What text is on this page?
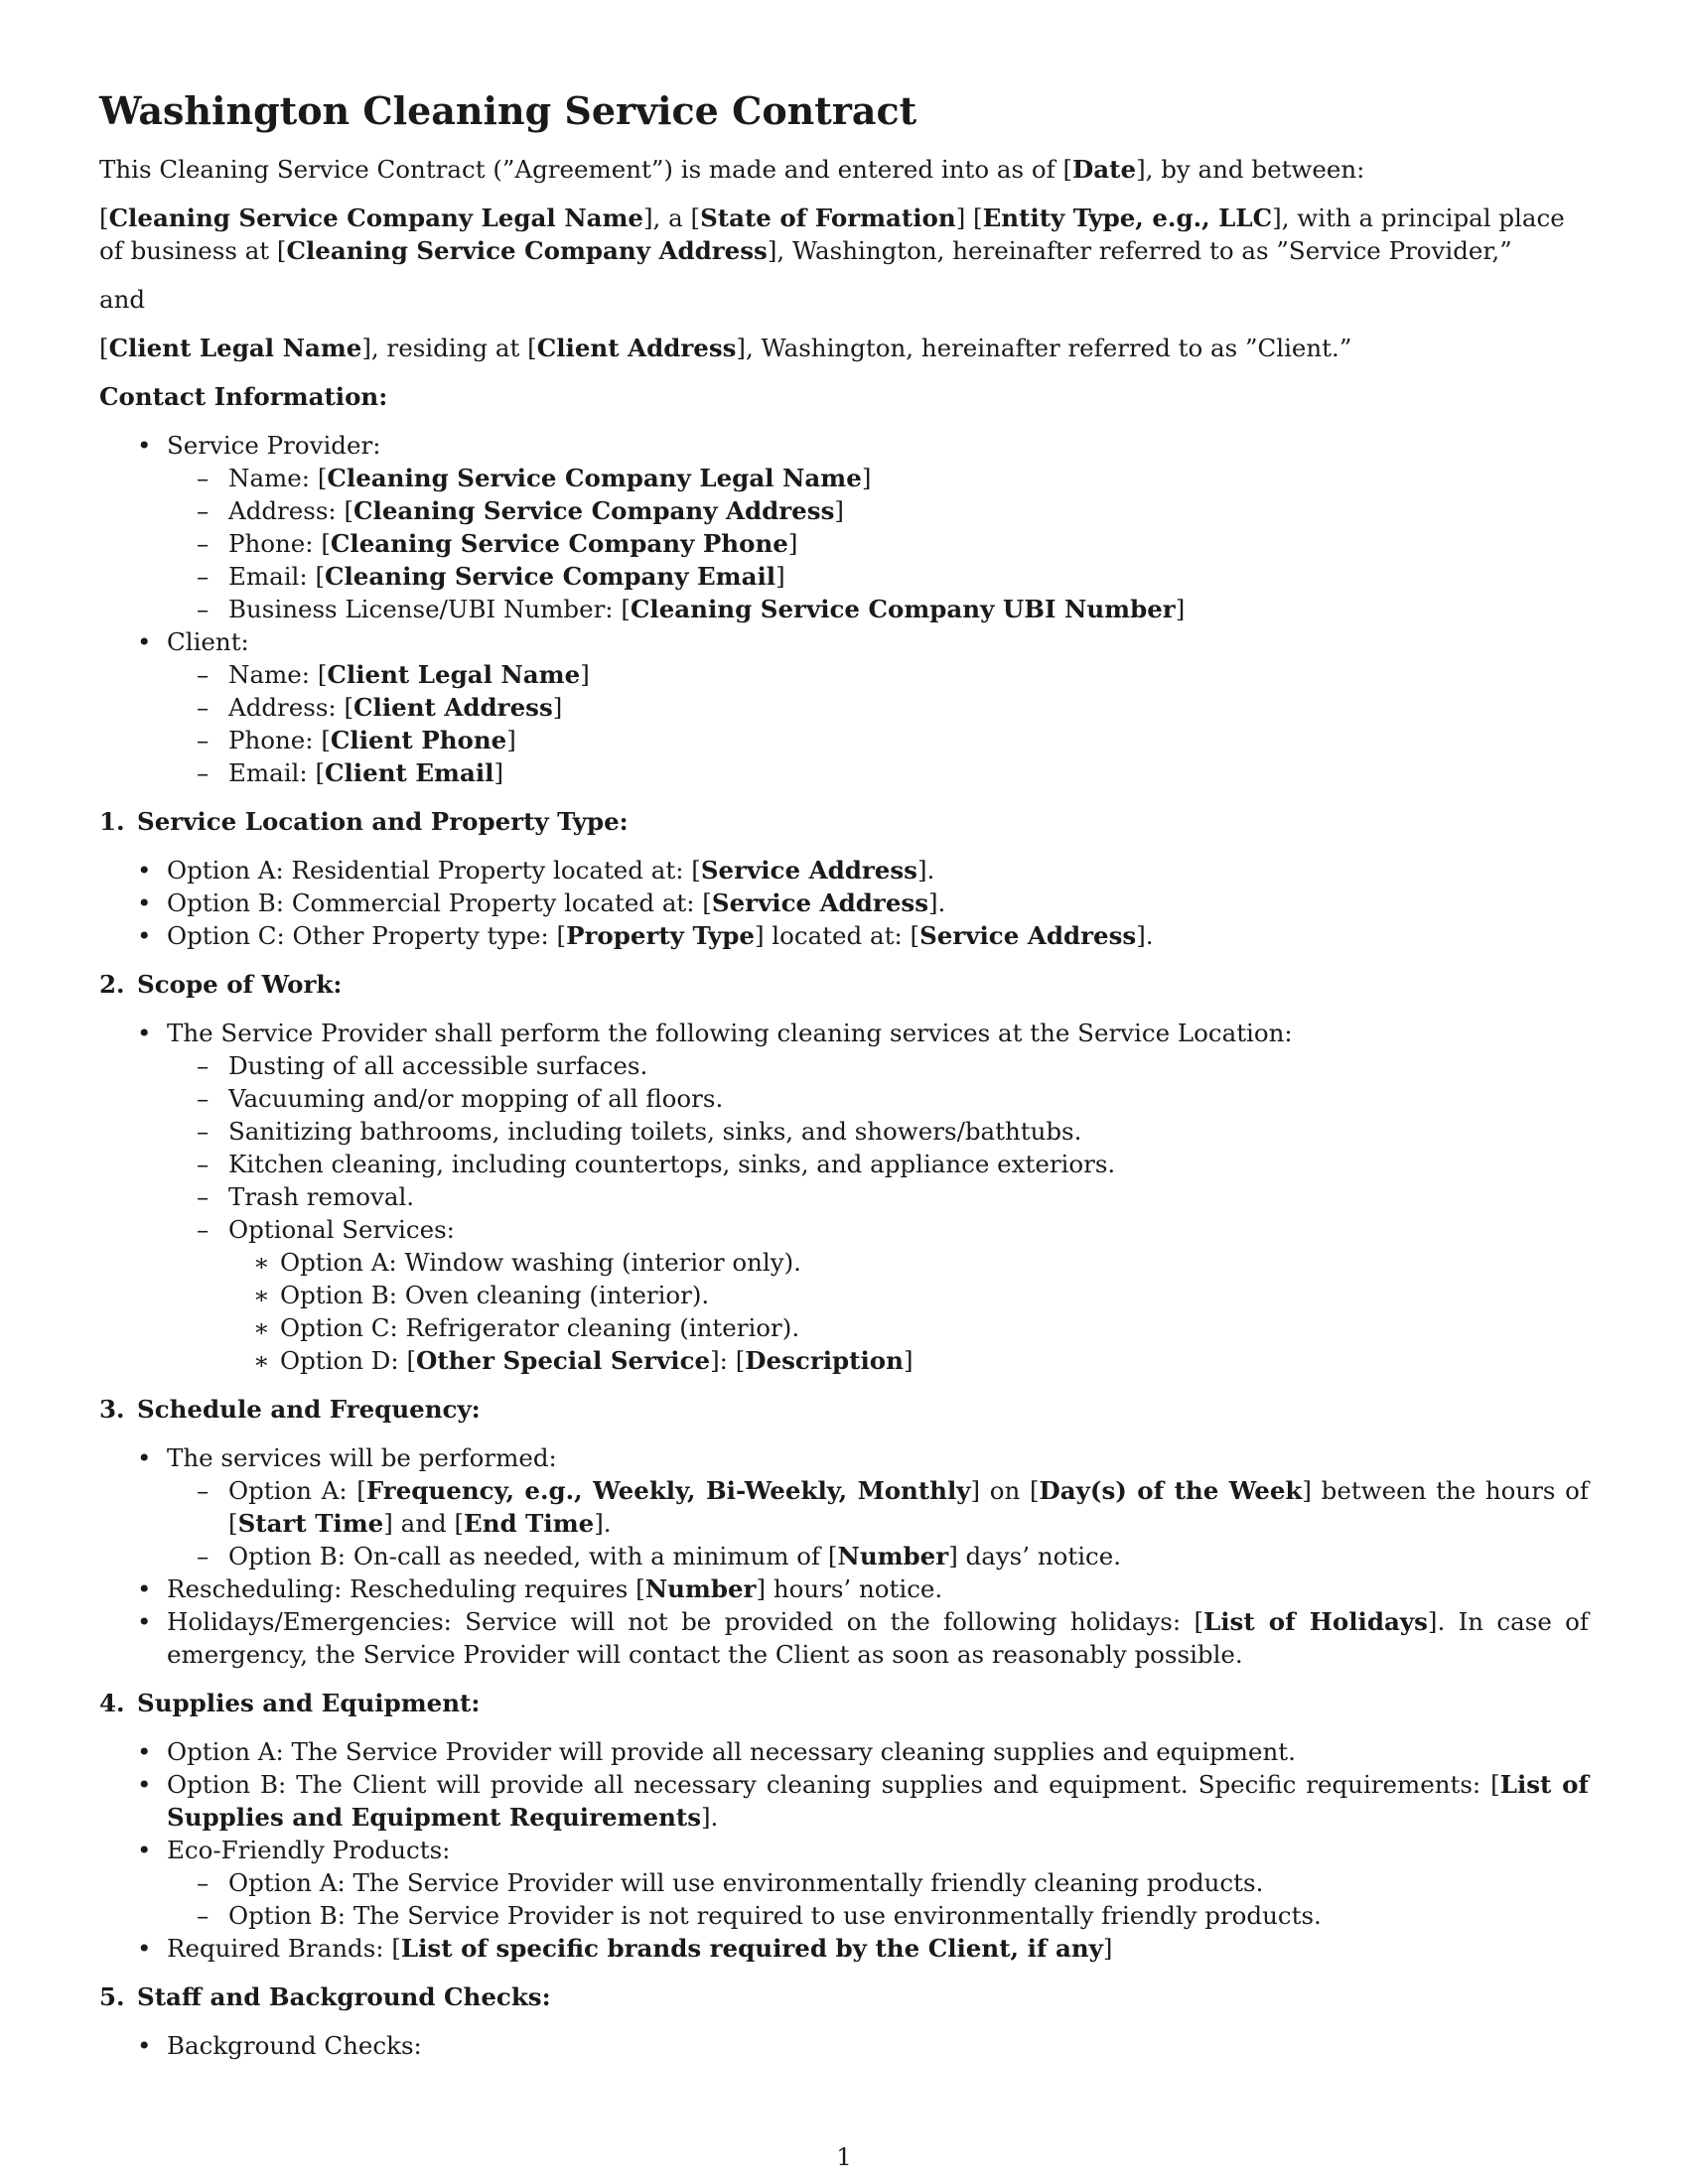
Washington Cleaning Service Contract

This Cleaning Service Contract (”Agreement”) is made and entered into as of [Date], by and between:

[Cleaning Service Company Legal Name], a [State of Formation] [Entity Type, e.g., LLC], with a principal place of business at [Cleaning Service Company Address], Washington, hereinafter referred to as ”Service Provider,”

and

[Client Legal Name], residing at [Client Address], Washington, hereinafter referred to as ”Client.”

Contact Information:
• Service Provider:
– Name: [Cleaning Service Company Legal Name]
– Address: [Cleaning Service Company Address]
– Phone: [Cleaning Service Company Phone]
– Email: [Cleaning Service Company Email]
– Business License/UBI Number: [Cleaning Service Company UBI Number]
• Client:
– Name: [Client Legal Name]
– Address: [Client Address]
– Phone: [Client Phone]
– Email: [Client Email]
1. Service Location and Property Type:
• Option A: Residential Property located at: [Service Address].
• Option B: Commercial Property located at: [Service Address].
• Option C: Other Property type: [Property Type] located at: [Service Address].
2. Scope of Work:
• The Service Provider shall perform the following cleaning services at the Service Location:
– Dusting of all accessible surfaces.
– Vacuuming and/or mopping of all floors.
– Sanitizing bathrooms, including toilets, sinks, and showers/bathtubs.
– Kitchen cleaning, including countertops, sinks, and appliance exteriors.
– Trash removal.
– Optional Services:
∗ Option A: Window washing (interior only).
∗ Option B: Oven cleaning (interior).
∗ Option C: Refrigerator cleaning (interior).
∗ Option D: [Other Special Service]: [Description]
3. Schedule and Frequency:
• The services will be performed:
– Option A: [Frequency, e.g., Weekly, Bi-Weekly, Monthly] on [Day(s) of the Week] between the hours of [Start Time] and [End Time].
– Option B: On-call as needed, with a minimum of [Number] days’ notice.
• Rescheduling: Rescheduling requires [Number] hours’ notice.
• Holidays/Emergencies: Service will not be provided on the following holidays: [List of Holidays]. In case of emergency, the Service Provider will contact the Client as soon as reasonably possible.
4. Supplies and Equipment:
• Option A: The Service Provider will provide all necessary cleaning supplies and equipment.
• Option B: The Client will provide all necessary cleaning supplies and equipment. Specific requirements: [List of Supplies and Equipment Requirements].
• Eco-Friendly Products:
– Option A: The Service Provider will use environmentally friendly cleaning products.
– Option B: The Service Provider is not required to use environmentally friendly products.
• Required Brands: [List of specific brands required by the Client, if any]
5. Staff and Background Checks:
• Background Checks:
1
